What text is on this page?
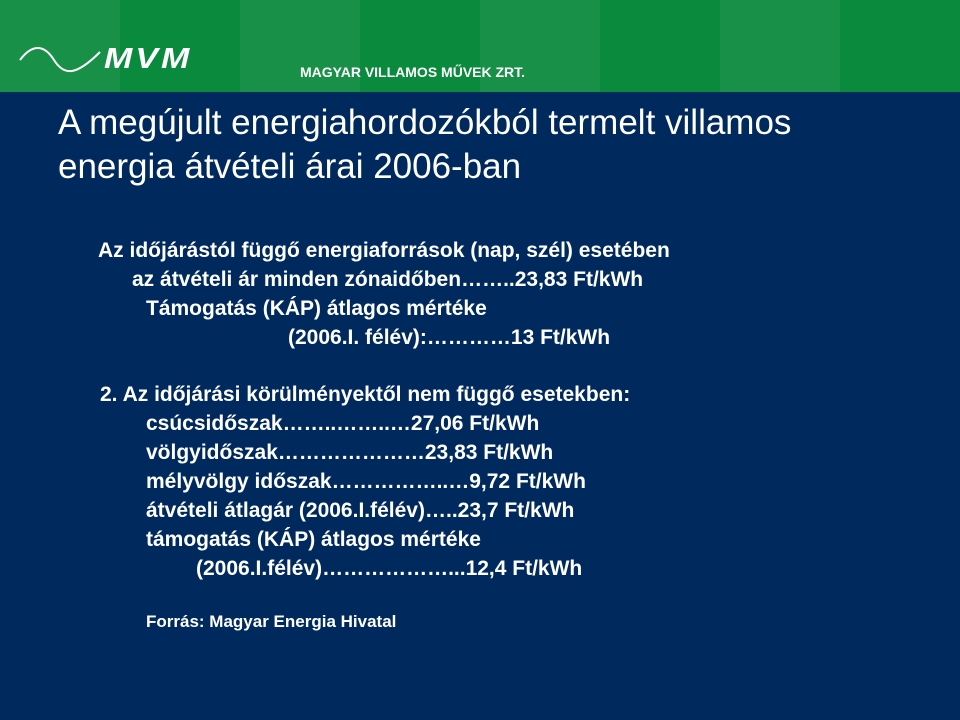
MVM	MAGYAR VILLAMOS MŰVEK ZRT.
A megújult energiahordozókból termelt villamos
energia átvételi árai 2006-ban
Az időjárástól függő energiaforrások (nap, szél) esetében
az átvételi ár minden zónaidőben……..23,83 Ft/kWh
Támogatás (KÁP) átlagos mértéke
(2006.I. félév):…………13 Ft/kWh
2. Az időjárási körülményektől nem függő esetekben:
csúcsidőszak……..……..…27,06 Ft/kWh
völgyidőszak…………………23,83 Ft/kWh
mélyvölgy időszak……………..…9,72 Ft/kWh
átvételi átlagár (2006.I.félév)…..23,7 Ft/kWh
támogatás (KÁP) átlagos mértéke
(2006.I.félév)………………...12,4 Ft/kWh
Forrás: Magyar Energia Hivatal
